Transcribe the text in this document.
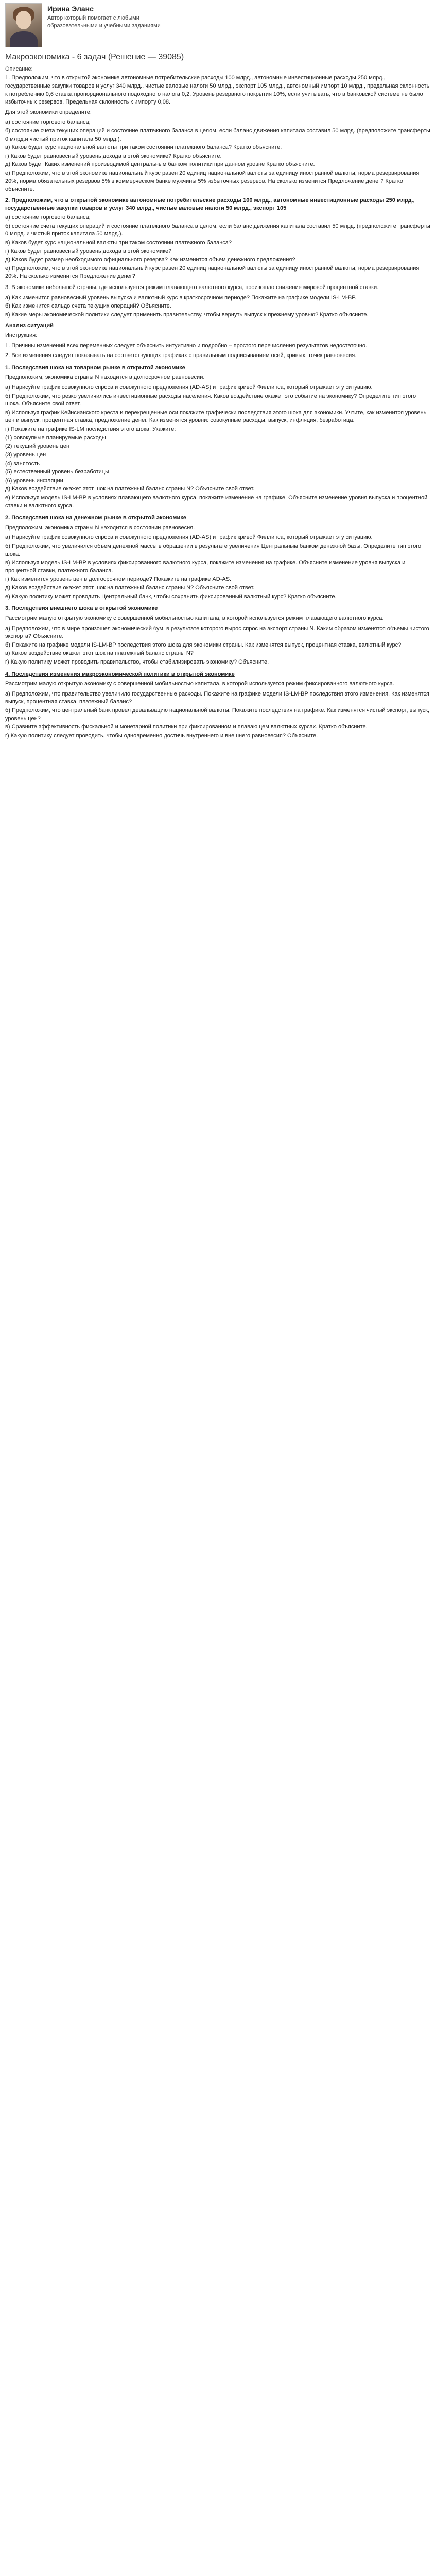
Ирина Эланс
Автор который помогает с любыми образовательными и учебными заданиями
Макроэкономика - 6 задач (Решение — 39085)
Описание:

1. Предположим, что в открытой экономике автономные потребительские расходы 100 млрд., автономные инвестиционные расходы 250 млрд., государственные закупки товаров и услуг 340 млрд., чистые валовые налоги 50 млрд., экспорт 105 млрд., автономный импорт 10 млрд., предельная склонность к потреблению 0,6 ставка пропорционального подоходного налога 0,2. Уровень резервного покрытия 10%, если учитывать, что в банковской системе не было избыточных резервов. Предельная склонность к импорту 0,08.

Для этой экономики определите:

а) состояние торгового баланса;
б) состояние счета текущих операций и состояние платежного баланса в целом, если баланс движения капитала составил 50 млрд. (предположите трансферты 0 млрд.и чистый приток капитала 50 млрд.).
в) Каков будет курс национальной валюты при таком состоянии платежного баланса? Кратко объясните.
г) Каков будет равновесный уровень дохода в этой экономике? Кратко объясните.
д) Каков будет Каких изменений производимой центральным банком политики при данном уровне Кратко объясните.
е) Предположим, что в этой экономике национальный курс равен 20 единиц национальной валюты за единицу иностранной валюты, норма резервирования 20%, норма обязательных резервов 5% в коммерческом банке мужчины 5% избыточных резервов. На сколько изменится Предложение денег? Кратко объясните.

2. Предположим, что в открытой экономике автономные потребительские расходы 100 млрд., автономные инвестиционные расходы 250 млрд., государственные закупки товаров и услуг 340 млрд., чистые валовые налоги 50 млрд., экспорт 105

а) состояние торгового баланса;
б) состояние счета текущих операций и состояние платежного баланса в целом, если баланс движения капитала составил 50 млрд. (предположите трансферты 0 млрд. и чистый приток капитала 50 млрд.).
в) Каков будет курс национальной валюты при таком состоянии платежного баланса?
г) Каков будет равновесный уровень дохода в этой экономике?
д) Каков будет размер необходимого официального резерва? Как изменится объем денежного предложения?
е) Предположим, что в этой экономике национальный курс равен 20 единиц национальной валюты за единицу иностранной валюты, норма резервирования 20%. На сколько изменится Предложение денег?

3. В экономике небольшой страны, где используется режим плавающего валютного курса, произошло снижение мировой процентной ставки.

а) Как изменится равновесный уровень выпуска и валютный курс в краткосрочном периоде? Покажите на графике модели IS-LM-BP.
б) Как изменится сальдо счета текущих операций? Объясните.
в) Какие меры экономической политики следует применить правительству, чтобы вернуть выпуск к прежнему уровню? Кратко объясните.
Анализ ситуаций

Инструкция:

1. Причины изменений всех переменных следует объяснить интуитивно и подробно – простого перечисления результатов недостаточно.

2. Все изменения следует показывать на соответствующих графиках с правильным подписыванием осей, кривых, точек равновесия.

1. Последствия шока на товарном рынке в открытой экономике

Предположим, экономика страны N находится в долгосрочном равновесии.

а) Нарисуйте график совокупного спроса и совокупного предложения (AD-AS) и график кривой Филлипса, который отражает эту ситуацию.
б) Предположим, что резко увеличились инвестиционные расходы населения. Каков воздействие окажет это событие на экономику? Определите тип этого шока. Объясните свой ответ.
в) Используя график Кейнсианского креста и перекрещенные оси покажите графически последствия этого шока для экономики. Учтите, как изменится уровень цен и выпуск, процентная ставка, предложение денег. Как изменятся уровни: совокупные расходы, выпуск, инфляция, безработица.
г) Покажите на графике IS-LM последствия этого шока. Укажите:
(1) совокупные планируемые расходы
(2) текущий уровень цен
(3) уровень цен
(4) занятость
(5) естественный уровень безработицы
(6) уровень инфляции
д) Каков воздействие окажет этот шок на платежный баланс страны N? Объясните свой ответ.
е) Используя модель IS-LM-BP в условиях плавающего валютного курса, покажите изменение на графике. Объясните изменение уровня выпуска и процентной ставки и валютного курса.
2. Последствия шока на денежном рынке в открытой экономике

Предположим, экономика страны N находится в состоянии равновесия.

а) Нарисуйте график совокупного спроса и совокупного предложения (AD-AS) и график кривой Филлипса, который отражает эту ситуацию.
б) Предположим, что увеличился объем денежной массы в обращении в результате увеличения Центральным банком денежной базы. Определите тип этого шока.
в) Используя модель IS-LM-BP в условиях фиксированного валютного курса, покажите изменения на графике. Объясните изменение уровня выпуска и процентной ставки, платежного баланса.
г) Как изменится уровень цен в долгосрочном периоде? Покажите на графике AD-AS.
д) Каков воздействие окажет этот шок на платежный баланс страны N? Объясните свой ответ.
е) Какую политику может проводить Центральный банк, чтобы сохранить фиксированный валютный курс? Кратко объясните.
3. Последствия внешнего шока в открытой экономике

Рассмотрим малую открытую экономику с совершенной мобильностью капитала, в которой используется режим плавающего валютного курса.

а) Предположим, что в мире произошел экономический бум, в результате которого вырос спрос на экспорт страны N. Каким образом изменятся объемы чистого экспорта? Объясните.
б) Покажите на графике модели IS-LM-BP последствия этого шока для экономики страны. Как изменятся выпуск, процентная ставка, валютный курс?
в) Какое воздействие окажет этот шок на платежный баланс страны N?
г) Какую политику может проводить правительство, чтобы стабилизировать экономику? Объясните.
4. Последствия изменения макроэкономической политики в открытой экономике

Рассмотрим малую открытую экономику с совершенной мобильностью капитала, в которой используется режим фиксированного валютного курса.

а) Предположим, что правительство увеличило государственные расходы. Покажите на графике модели IS-LM-BP последствия этого изменения. Как изменятся выпуск, процентная ставка, платежный баланс?
б) Предположим, что центральный банк провел девальвацию национальной валюты. Покажите последствия на графике. Как изменятся чистый экспорт, выпуск, уровень цен?
в) Сравните эффективность фискальной и монетарной политики при фиксированном и плавающем валютных курсах. Кратко объясните.
г) Какую политику следует проводить, чтобы одновременно достичь внутреннего и внешнего равновесия? Объясните.
